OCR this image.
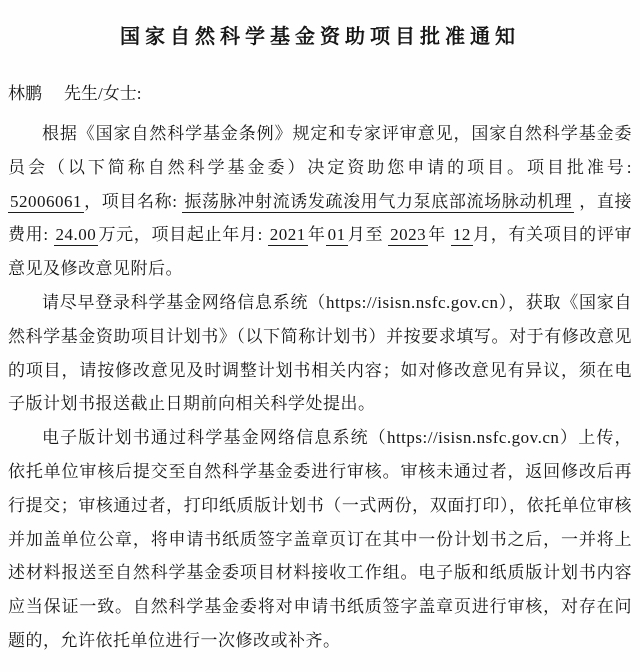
国家自然科学基金资助项目批准通知
林鹏 先生/女士:

根据《国家自然科学基金条例》规定和专家评审意见，国家自然科学基金委员会（以下简称自然科学基金委）决定资助您申请的项目。项目批准号: 52006061 ，项目名称: 振荡脉冲射流诱发疏浚用气力泵底部流场脉动机理 ，直接费用: 24.00 万元，项目起止年月: 2021 年 01 月至 2023 年 12 月，有关项目的评审意见及修改意见附后。

请尽早登录科学基金网络信息系统（https://isisn.nsfc.gov.cn），获取《国家自然科学基金资助项目计划书》（以下简称计划书）并按要求填写。对于有修改意见的项目，请按修改意见及时调整计划书相关内容；如对修改意见有异议，须在电子版计划书报送截止日期前向相关科学处提出。

电子版计划书通过科学基金网络信息系统（https://isisn.nsfc.gov.cn）上传，依托单位审核后提交至自然科学基金委进行审核。审核未通过者，返回修改后再行提交；审核通过者，打印纸质版计划书（一式两份，双面打印），依托单位审核并加盖单位公章，将申请书纸质签字盖章页订在其中一份计划书之后，一并将上述材料报送至自然科学基金委项目材料接收工作组。电子版和纸质版计划书内容应当保证一致。自然科学基金委将对申请书纸质签字盖章页进行审核，对存在问题的，允许依托单位进行一次修改或补齐。
